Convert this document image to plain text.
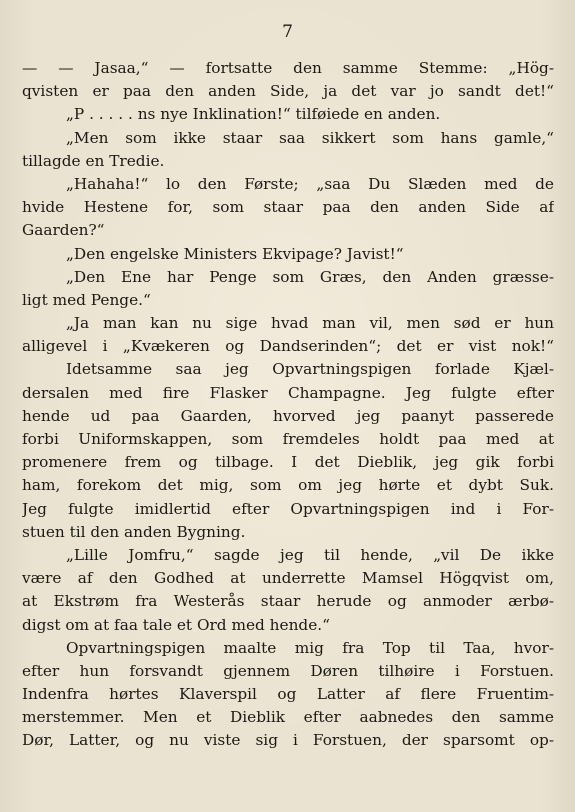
7
— — Jasaa,“ — fortsatte den samme Stemme: „Hög-
qvisten er paa den anden Side, ja det var jo sandt det!“
„P . . . . . ns nye Inklination!“ tilføiede en anden.
„Men som ikke staar saa sikkert som hans gamle,“
tillagde en Tredie.
„Hahaha!“ lo den Første; „saa Du Slæden med de
hvide Hestene for, som staar paa den anden Side af
Gaarden?“
„Den engelske Ministers Ekvipage? Javist!“
„Den Ene har Penge som Græs, den Anden græsse-
ligt med Penge.“
„Ja man kan nu sige hvad man vil, men sød er hun
alligevel i „Kvækeren og Dandserinden“; det er vist nok!“
Idetsamme saa jeg Opvartningspigen forlade Kjæl-
dersalen med fire Flasker Champagne. Jeg fulgte efter
hende ud paa Gaarden, hvorved jeg paanyt passerede
forbi Uniformskappen, som fremdeles holdt paa med at
promenere frem og tilbage. I det Dieblik, jeg gik forbi
ham, forekom det mig, som om jeg hørte et dybt Suk.
Jeg fulgte imidlertid efter Opvartningspigen ind i For-
stuen til den anden Bygning.
„Lille Jomfru,“ sagde jeg til hende, „vil De ikke
være af den Godhed at underrette Mamsel Högqvist om,
at Ekstrøm fra Westerås staar herude og anmoder ærbø-
digst om at faa tale et Ord med hende.“
Opvartningspigen maalte mig fra Top til Taa, hvor-
efter hun forsvandt gjennem Døren tilhøire i Forstuen.
Indenfra hørtes Klaverspil og Latter af flere Fruentim-
merstemmer. Men et Dieblik efter aabnedes den samme
Dør, Latter, og nu viste sig i Forstuen, der sparsomt op-
